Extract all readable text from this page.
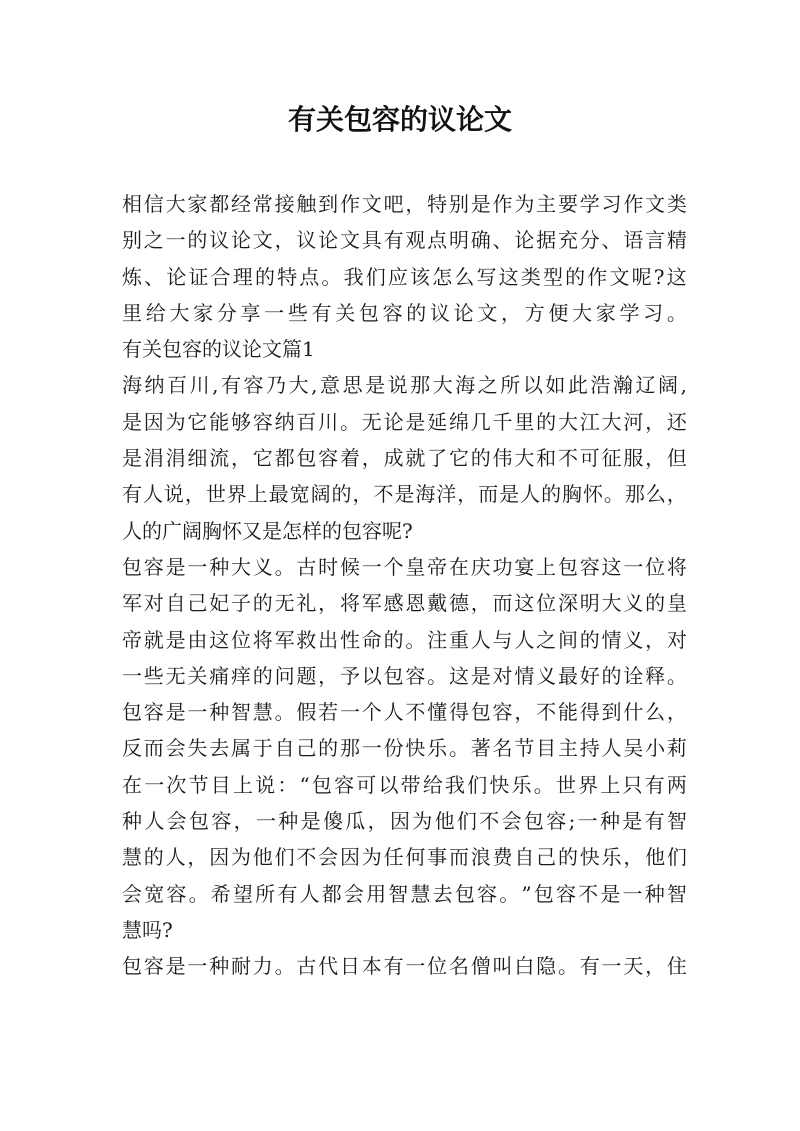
有关包容的议论文
相 信 大 家 都 经 常 接 触 到 作 文 吧 ， 特 别 是 作 为 主 要 学 习 作 文 类
别 之 一 的 议 论 文 ， 议 论 文 具 有 观 点 明 确 、 论 据 充 分 、 语 言 精
炼 、 论 证 合 理 的 特 点 。 我 们 应 该 怎 么 写 这 类 型 的 作 文 呢 ? 这
里 给 大 家 分 享 一 些 有 关 包 容 的 议 论 文 ， 方 便 大 家 学 习 。
有关包容的议论文篇1
海 纳 百 川 , 有 容 乃 大 , 意 思 是 说 那 大 海 之 所 以 如 此 浩 瀚 辽 阔 ,
是 因 为 它 能 够 容 纳 百 川 。 无 论 是 延 绵 几 千 里 的 大 江 大 河 ， 还
是 涓 涓 细 流 ， 它 都 包 容 着 ， 成 就 了 它 的 伟 大 和 不 可 征 服 ， 但
有 人 说 ， 世 界 上 最 宽 阔 的 ， 不 是 海 洋 ， 而 是 人 的 胸 怀 。 那 么 ，
人的广阔胸怀又是怎样的包容呢?
包 容 是 一 种 大 义 。 古 时 候 一 个 皇 帝 在 庆 功 宴 上 包 容 这 一 位 将
军 对 自 己 妃 子 的 无 礼 ， 将 军 感 恩 戴 德 ， 而 这 位 深 明 大 义 的 皇
帝 就 是 由 这 位 将 军 救 出 性 命 的 。 注 重 人 与 人 之 间 的 情 义 ， 对
一 些 无 关 痛 痒 的 问 题 ， 予 以 包 容 。 这 是 对 情 义 最 好 的 诠 释 。
包 容 是 一 种 智 慧 。 假 若 一 个 人 不 懂 得 包 容 ， 不 能 得 到 什 么 ，
反 而 会 失 去 属 于 自 己 的 那 一 份 快 乐 。 著 名 节 目 主 持 人 吴 小 莉
在 一 次 节 目 上 说 ： “ 包 容 可 以 带 给 我 们 快 乐 。 世 界 上 只 有 两
种 人 会 包 容 ， 一 种 是 傻 瓜 ， 因 为 他 们 不 会 包 容 ; 一 种 是 有 智
慧 的 人 ， 因 为 他 们 不 会 因 为 任 何 事 而 浪 费 自 己 的 快 乐 ， 他 们
会 宽 容 。 希 望 所 有 人 都 会 用 智 慧 去 包 容 。 ” 包 容 不 是 一 种 智
慧吗?
包 容 是 一 种 耐 力 。 古 代 日 本 有 一 位 名 僧 叫 白 隐 。 有 一 天 ， 住
